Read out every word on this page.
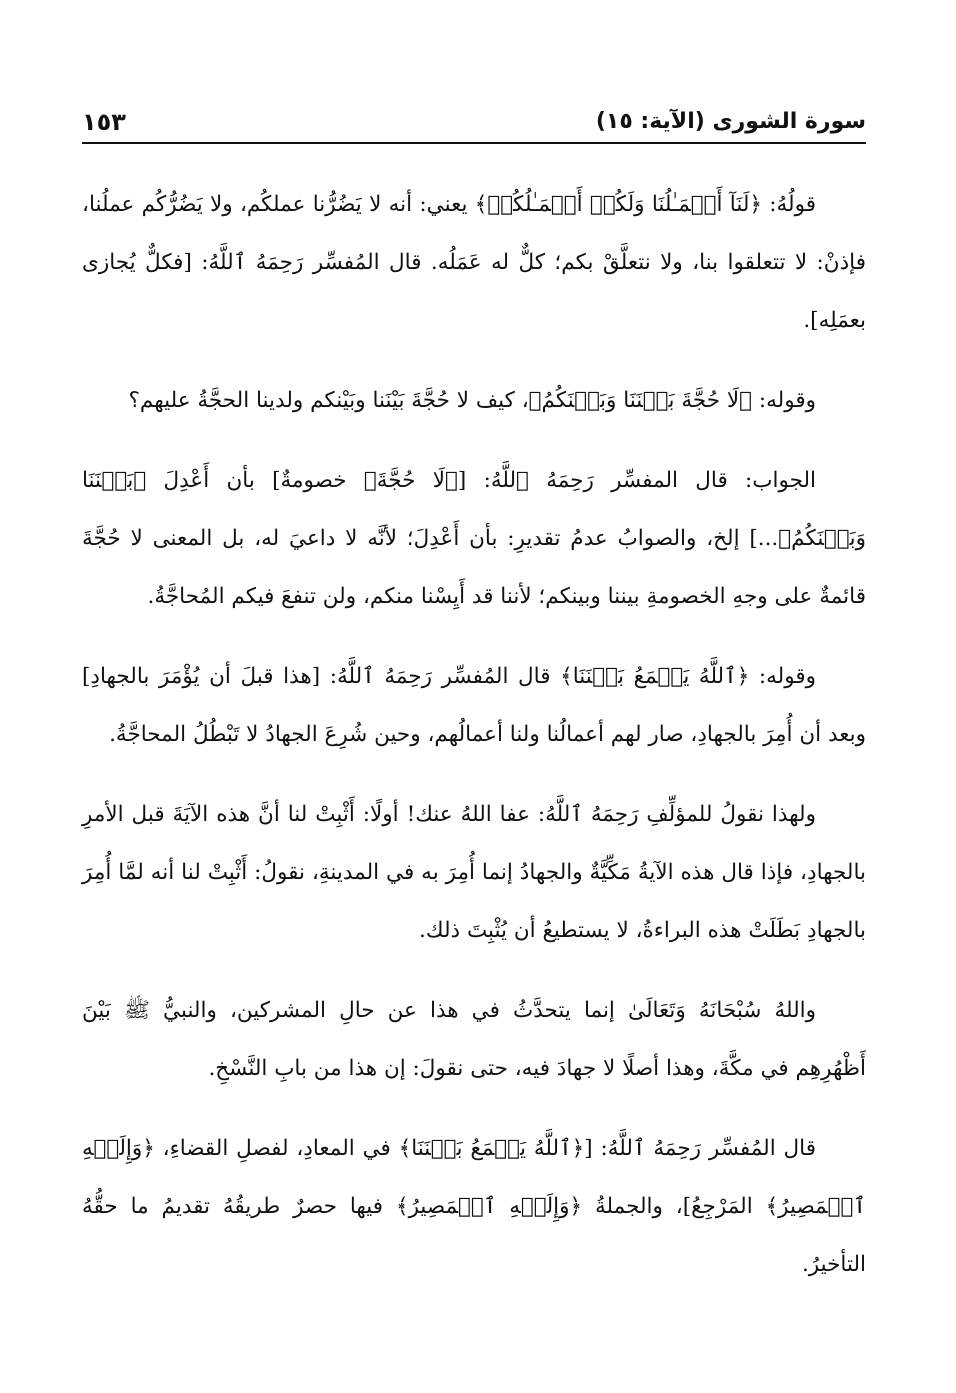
سورة الشورى (الآية: ١٥)
١٥٣

قولُهُ: ﴿لَنَآ أَعۡمَـٰلُنَا وَلَكُمۡ أَعۡمَـٰلُكُمۡ﴾ يعني: أنه لا يَضُرُّنا عملكُم، ولا يَضُرُّكُم عملُنا، فإذنْ: لا تتعلقوا بنا، ولا نتعلَّقْ بكم؛ كلٌّ له عَمَلُه. قال المُفسِّر رَحِمَهُ ٱللَّهُ: [فكلٌّ يُجازى بعمَلِه].

وقوله: ﴿لَا حُجَّةَ بَيۡنَنَا وَبَيۡنَكُمُ﴾، كيف لا حُجَّةَ بَيْنَنا وبَيْنكم ولدينا الحجَّةُ عليهم؟

الجواب: قال المفسِّر رَحِمَهُ ٱللَّهُ: [﴿لَا حُجَّةَ﴾ خصومةٌ] بأن أَعْدِلَ ﴿بَيۡنَنَا وَبَيۡنَكُمُ﴾...] إلخ، والصوابُ عدمُ تقديرِ: بأن أَعْدِلَ؛ لأنَّه لا داعيَ له، بل المعنى لا حُجَّةَ قائمةٌ على وجهِ الخصومةِ بيننا وبينكم؛ لأننا قد أَيِسْنا منكم، ولن تنفعَ فيكم المُحاجَّةُ.

وقوله: ﴿ٱللَّهُ يَجۡمَعُ بَيۡنَنَا﴾ قال المُفسِّر رَحِمَهُ ٱللَّهُ: [هذا قبلَ أن يُؤْمَرَ بالجهادِ] وبعد أن أُمِرَ بالجهادِ، صار لهم أعمالُنا ولنا أعمالُهم، وحين شُرِعَ الجهادُ لا تَبْطُلُ المحاجَّةُ.

ولهذا نقولُ للمؤلِّفِ رَحِمَهُ ٱللَّهُ: عفا اللهُ عنك! أولًا: أَثْبِتْ لنا أنَّ هذه الآيَةَ قبل الأمرِ بالجهادِ، فإذا قال هذه الآيةُ مَكِّيَّةٌ والجهادُ إنما أُمِرَ به في المدينةِ، نقولُ: أَثْبِتْ لنا أنه لمَّا أُمِرَ بالجهادِ بَطَلَتْ هذه البراءةُ، لا يستطيعُ أن يُثْبِتَ ذلك.

واللهُ سُبْحَانَهُ وَتَعَالَىٰ إنما يتحدَّثُ في هذا عن حالِ المشركين، والنبيُّ ﷺ بَيْنَ أَظْهُرِهِم في مكَّةَ، وهذا أصلًا لا جهادَ فيه، حتى نقولَ: إن هذا من بابِ النَّسْخِ.

قال المُفسِّر رَحِمَهُ ٱللَّهُ: [﴿ٱللَّهُ يَجۡمَعُ بَيۡنَنَا﴾ في المعادِ، لفصلِ القضاءِ، ﴿وَإِلَيۡهِ ٱلۡمَصِيرُ﴾ المَرْجِعُ]، والجملةُ ﴿وَإِلَيۡهِ ٱلۡمَصِيرُ﴾ فيها حصرٌ طريقُهُ تقديمُ ما حقُّهُ التأخيرُ.
